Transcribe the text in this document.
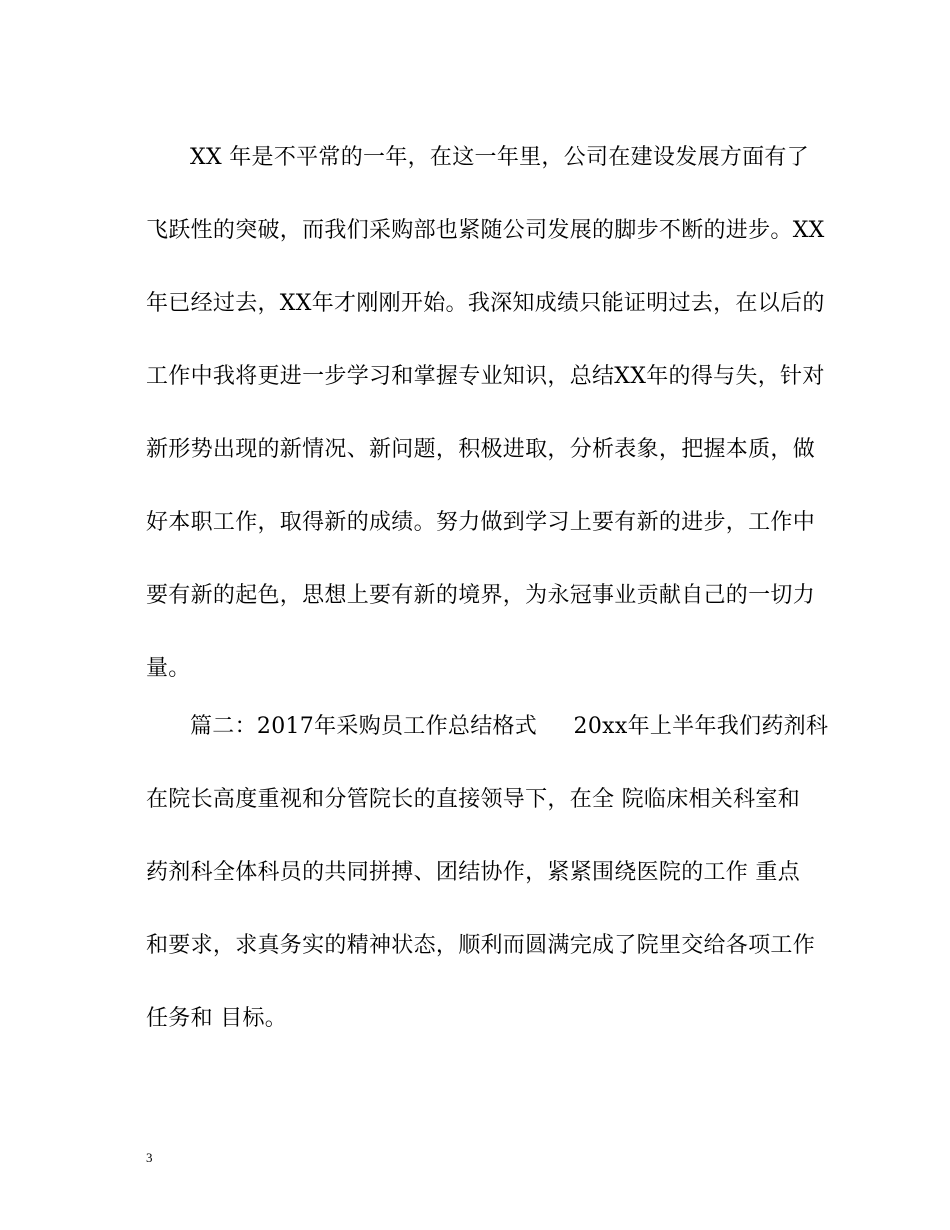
XX 年是不平常的一年，在这一年里，公司在建设发展方面有了
飞跃性的突破，而我们采购部也紧随公司发展的脚步不断的进步。XX
年已经过去，XX年才刚刚开始。我深知成绩只能证明过去，在以后的
工作中我将更进一步学习和掌握专业知识，总结XX年的得与失，针对
新形势出现的新情况、新问题，积极进取，分析表象，把握本质，做
好本职工作，取得新的成绩。努力做到学习上要有新的进步，工作中
要有新的起色，思想上要有新的境界，为永冠事业贡献自己的一切力
量。
篇二：2017年采购员工作总结格式     20xx年上半年我们药剂科
在院长高度重视和分管院长的直接领导下，在全 院临床相关科室和
药剂科全体科员的共同拼搏、团结协作，紧紧围绕医院的工作 重点
和要求，求真务实的精神状态，顺利而圆满完成了院里交给各项工作
任务和 目标。
3
